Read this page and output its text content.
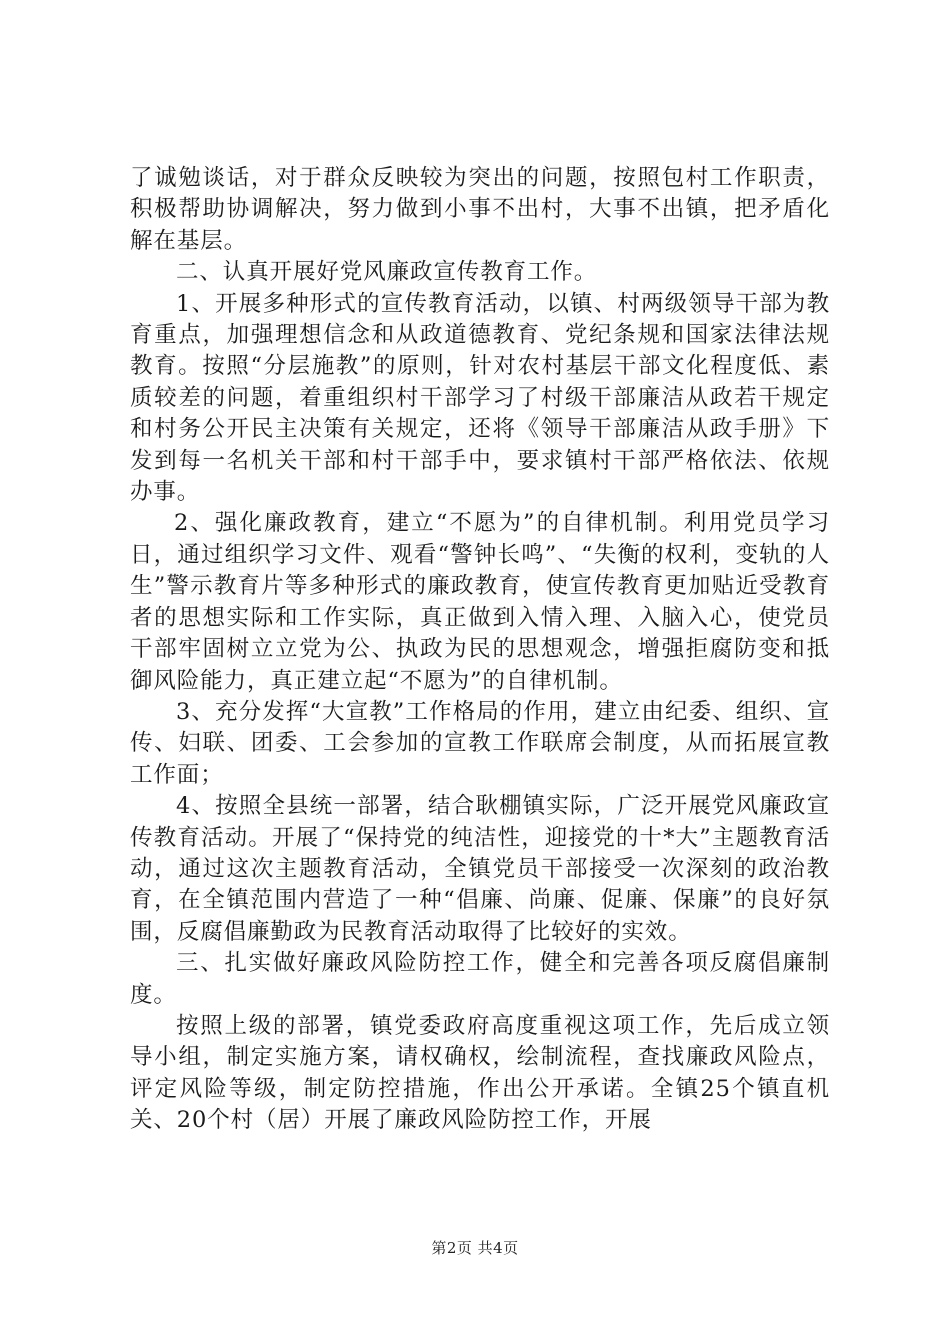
了诚勉谈话，对于群众反映较为突出的问题，按照包村工作职责，积极帮助协调解决，努力做到小事不出村，大事不出镇，把矛盾化解在基层。

二、认真开展好党风廉政宣传教育工作。

1、开展多种形式的宣传教育活动，以镇、村两级领导干部为教育重点，加强理想信念和从政道德教育、党纪条规和国家法律法规教育。按照“分层施教”的原则，针对农村基层干部文化程度低、素质较差的问题，着重组织村干部学习了村级干部廉洁从政若干规定和村务公开民主决策有关规定，还将《领导干部廉洁从政手册》下发到每一名机关干部和村干部手中，要求镇村干部严格依法、依规办事。

2、强化廉政教育，建立“不愿为”的自律机制。利用党员学习日，通过组织学习文件、观看“警钟长鸣”、“失衡的权利，变轨的人生”警示教育片等多种形式的廉政教育，使宣传教育更加贴近受教育者的思想实际和工作实际，真正做到入情入理、入脑入心，使党员干部牢固树立立党为公、执政为民的思想观念，增强拒腐防变和抵御风险能力，真正建立起“不愿为”的自律机制。

3、充分发挥“大宣教”工作格局的作用，建立由纪委、组织、宣传、妇联、团委、工会参加的宣教工作联席会制度，从而拓展宣教工作面；

4、按照全县统一部署，结合耿棚镇实际，广泛开展党风廉政宣传教育活动。开展了“保持党的纯洁性，迎接党的十*大”主题教育活动，通过这次主题教育活动，全镇党员干部接受一次深刻的政治教育，在全镇范围内营造了一种“倡廉、尚廉、促廉、保廉”的良好氛围，反腐倡廉勤政为民教育活动取得了比较好的实效。

三、扎实做好廉政风险防控工作，健全和完善各项反腐倡廉制度。

按照上级的部署，镇党委政府高度重视这项工作，先后成立领导小组，制定实施方案，请权确权，绘制流程，查找廉政风险点，评定风险等级，制定防控措施，作出公开承诺。全镇25个镇直机关、20个村（居）开展了廉政风险防控工作，开展

第2页 共4页
